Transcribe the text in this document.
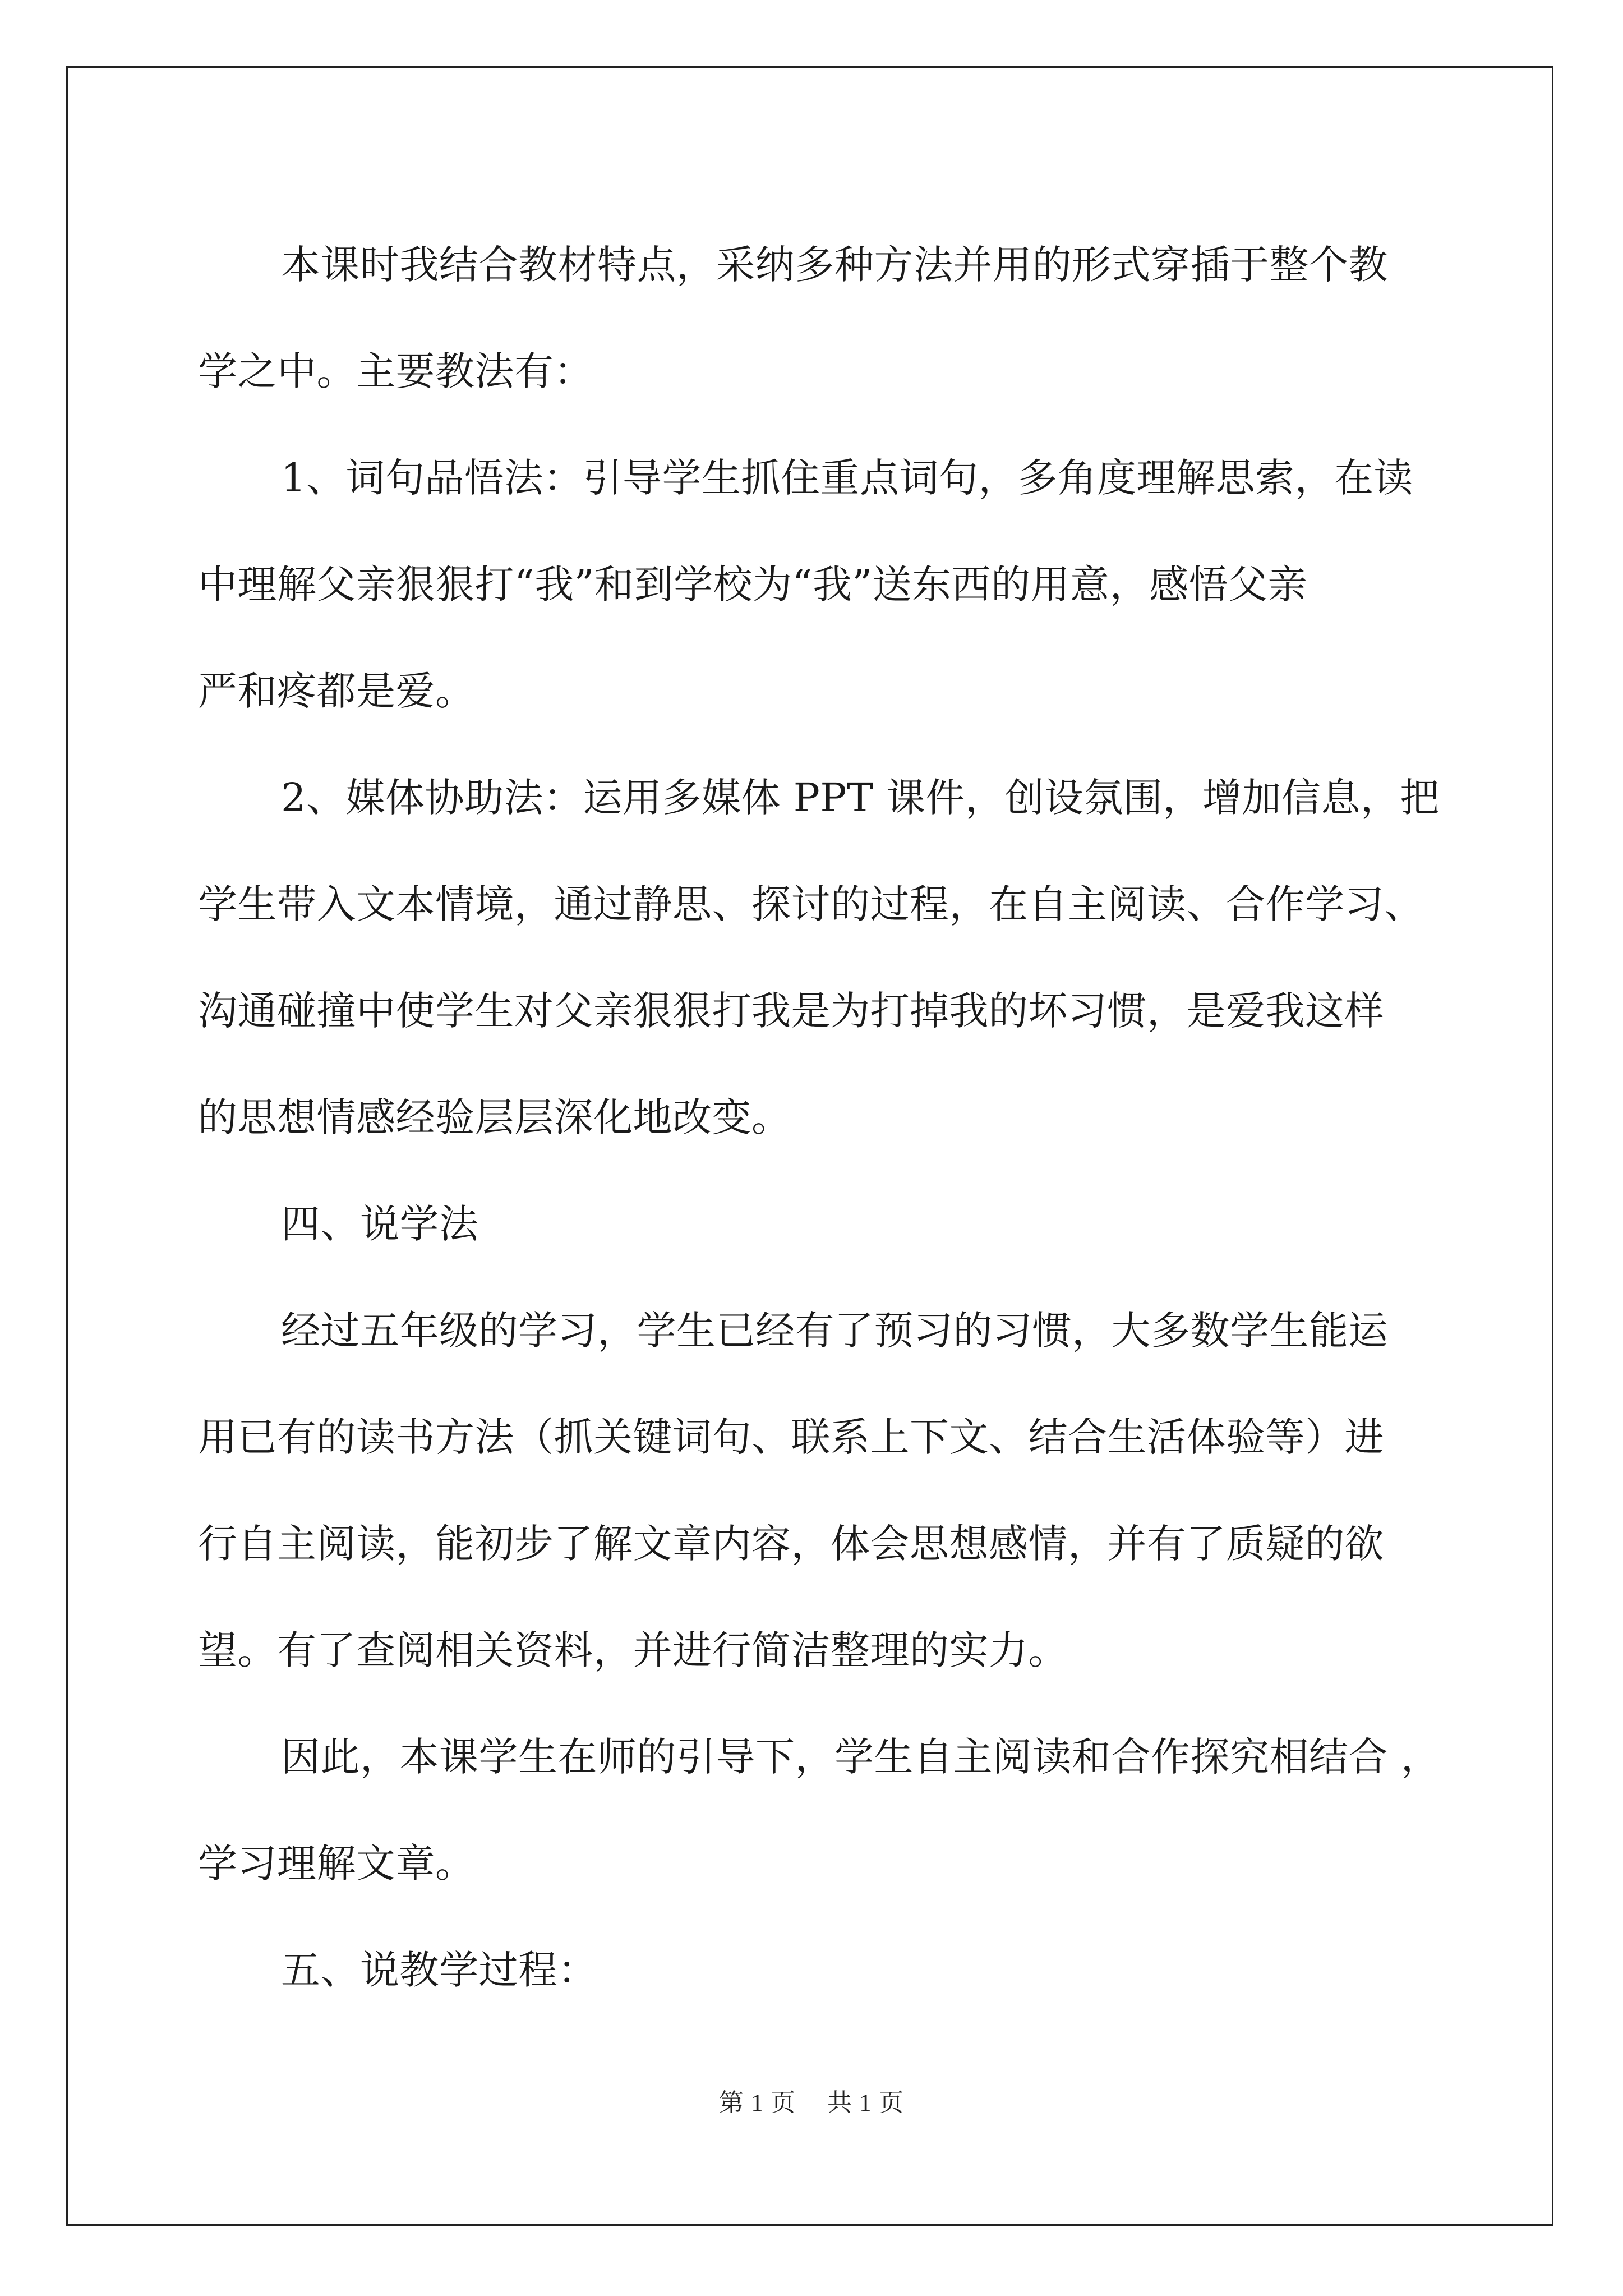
本课时我结合教材特点，采纳多种方法并用的形式穿插于整个教
学之中。主要教法有：

1、词句品悟法：引导学生抓住重点词句，多角度理解思索，在读
中理解父亲狠狠打“我”和到学校为“我”送东西的用意，感悟父亲
严和疼都是爱。

2、媒体协助法：运用多媒体 PPT 课件，创设氛围，增加信息，把
学生带入文本情境，通过静思、探讨的过程，在自主阅读、合作学习、
沟通碰撞中使学生对父亲狠狠打我是为打掉我的坏习惯，是爱我这样
的思想情感经验层层深化地改变。

四、说学法

经过五年级的学习，学生已经有了预习的习惯，大多数学生能运
用已有的读书方法（抓关键词句、联系上下文、结合生活体验等）进
行自主阅读，能初步了解文章内容，体会思想感情，并有了质疑的欲
望。有了查阅相关资料，并进行简洁整理的实力。

因此，本课学生在师的引导下，学生自主阅读和合作探究相结合 ，
学习理解文章。

五、说教学过程：

第 1 页 共 1 页
